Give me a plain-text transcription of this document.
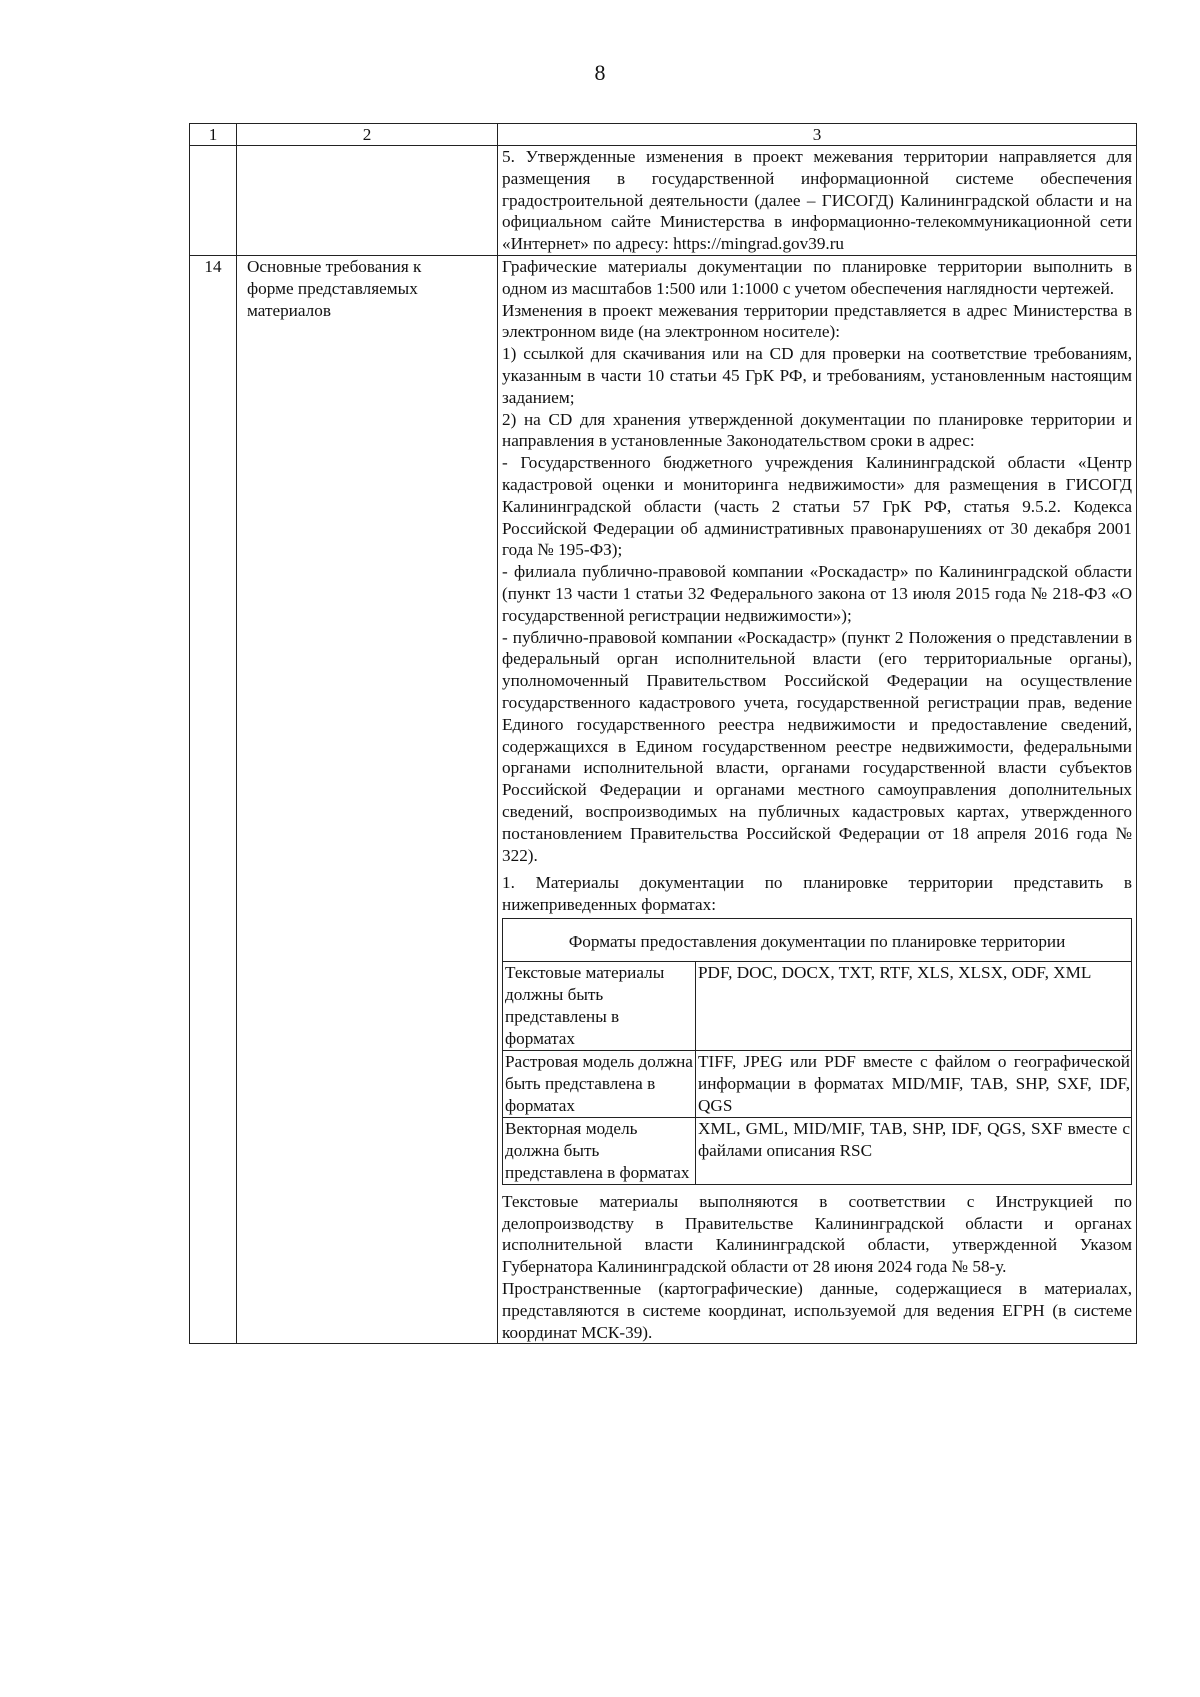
8
1	2	3

5. Утвержденные изменения в проект межевания территории направляется для размещения в государственной информационной системе обеспечения градостроительной деятельности (далее – ГИСОГД) Калининградской области и на официальном сайте Министерства в информационно-телекоммуникационной сети «Интернет» по адресу: https://mingrad.gov39.ru

14	Основные требования к форме представляемых материалов

Графические материалы документации по планировке территории выполнить в одном из масштабов 1:500 или 1:1000 с учетом обеспечения наглядности чертежей.
Изменения в проект межевания территории представляется в адрес Министерства в электронном виде (на электронном носителе):
1) ссылкой для скачивания или на CD для проверки на соответствие требованиям, указанным в части 10 статьи 45 ГрК РФ, и требованиям, установленным настоящим заданием;
2) на CD для хранения утвержденной документации по планировке территории и направления в установленные Законодательством сроки в адрес:
- Государственного бюджетного учреждения Калининградской области «Центр кадастровой оценки и мониторинга недвижимости» для размещения в ГИСОГД Калининградской области (часть 2 статьи 57 ГрК РФ, статья 9.5.2. Кодекса Российской Федерации об административных правонарушениях от 30 декабря 2001 года № 195-ФЗ);
- филиала публично-правовой компании «Роскадастр» по Калининградской области (пункт 13 части 1 статьи 32 Федерального закона от 13 июля 2015 года № 218-ФЗ «О государственной регистрации недвижимости»);
- публично-правовой компании «Роскадастр» (пункт 2 Положения о представлении в федеральный орган исполнительной власти (его территориальные органы), уполномоченный Правительством Российской Федерации на осуществление государственного кадастрового учета, государственной регистрации прав, ведение Единого государственного реестра недвижимости и предоставление сведений, содержащихся в Едином государственном реестре недвижимости, федеральными органами исполнительной власти, органами государственной власти субъектов Российской Федерации и органами местного самоуправления дополнительных сведений, воспроизводимых на публичных кадастровых картах, утвержденного постановлением Правительства Российской Федерации от 18 апреля 2016 года № 322).
1. Материалы документации по планировке территории представить в нижеприведенных форматах:
Форматы предоставления документации по планировке территории
Текстовые материалы должны быть представлены в форматах	PDF, DOC, DOCX, TXT, RTF, XLS, XLSX, ODF, XML
Растровая модель должна быть представлена в форматах	TIFF, JPEG или PDF вместе с файлом о географической информации в форматах MID/MIF, TAB, SHP, SXF, IDF, QGS
Векторная модель должна быть представлена в форматах	XML, GML, MID/MIF, TAB, SHP, IDF, QGS, SXF вместе с файлами описания RSC
Текстовые материалы выполняются в соответствии с Инструкцией по делопроизводству в Правительстве Калининградской области и органах исполнительной власти Калининградской области, утвержденной Указом Губернатора Калининградской области от 28 июня 2024 года № 58-у.
Пространственные (картографические) данные, содержащиеся в материалах, представляются в системе координат, используемой для ведения ЕГРН (в системе координат МСК-39).
